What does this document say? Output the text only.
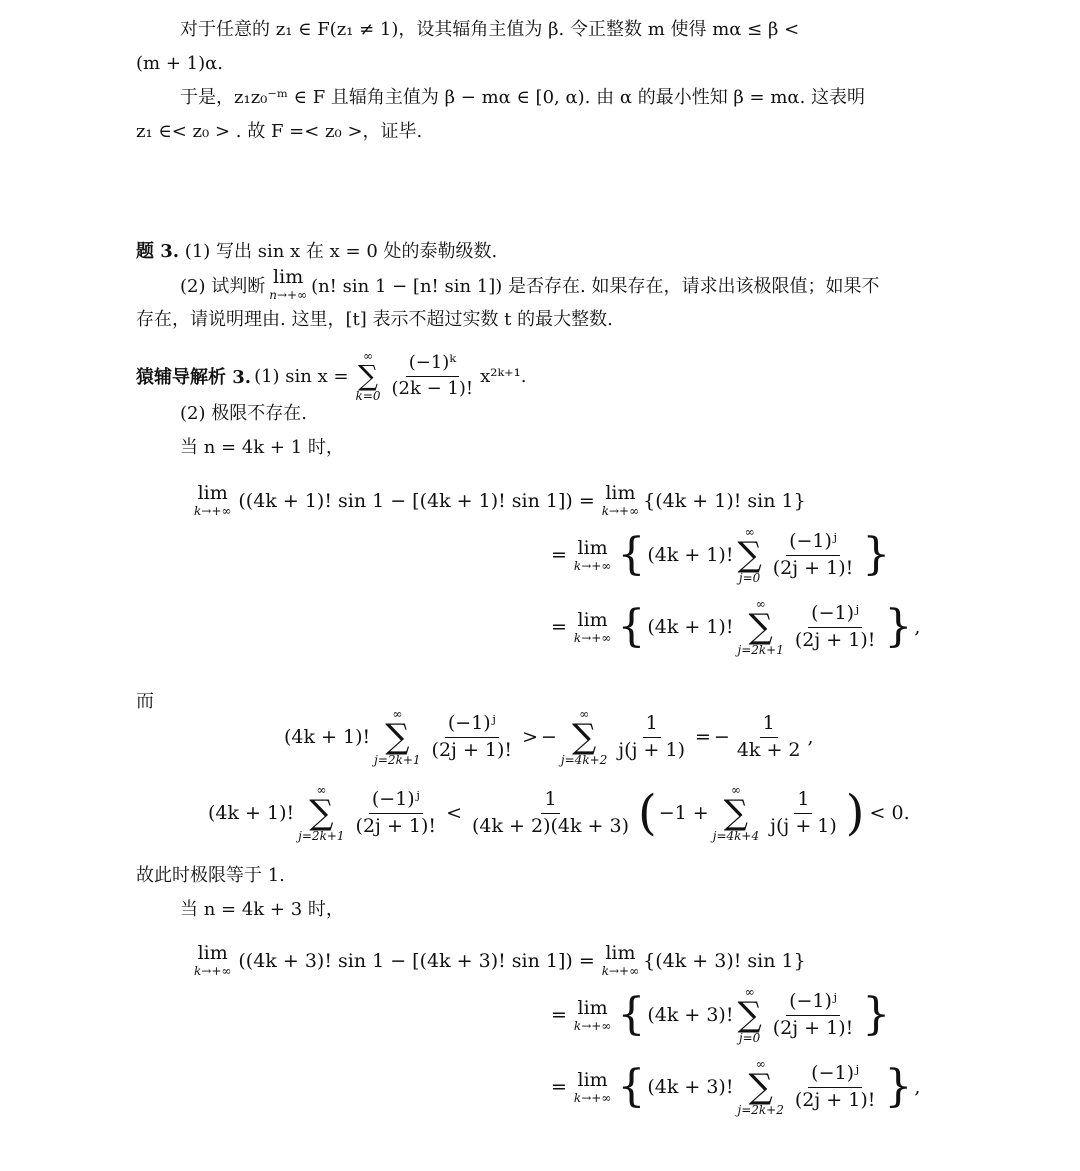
对于任意的 z₁ ∈ F(z₁ ≠ 1)，设其辐角主值为 β. 令正整数 m 使得 mα ≤ β <
(m + 1)α.
于是，z₁z₀⁻ᵐ ∈ F 且辐角主值为 β − mα ∈ [0, α). 由 α 的最小性知 β = mα. 这表明
z₁ ∈< z₀ > . 故 F =< z₀ >，证毕.
题 3. (1) 写出 sin x 在 x = 0 处的泰勒级数.
(2) 试判断 lim
n→+∞ (n! sin 1 − [n! sin 1]) 是否存在. 如果存在，请求出该极限值；如果不
存在，请说明理由. 这里，[t] 表示不超过实数 t 的最大整数.
猿辅导解析 3. (1) sin x =
∞
∑
$k=0 \frac{\text{(−1)ᵏ}}{(2k - 1)!}$ x²ᵏ⁺¹.
(2) 极限不存在.
当 n = 4k + 1 时，
lim
k→+∞ ((4k + 1)! sin 1 − [(4k + 1)! sin 1]) = lim
k→+∞ {(4k + 1)! sin 1}
= lim
k→+∞ { (4k + 1)!
∞
∑
$j=0 \frac{\text{(−1)ʲ}}{(2j + 1)!}$ }
= lim
k→+∞ { (4k + 1)!
∞
∑
$j=2k+1 \frac{\text{(−1)ʲ}}{(2j + 1)!}$ } ,
而
(4k + 1)!
∞
∑
$j=2k+1 \frac{\text{(−1)ʲ}}{(2j + 1)!}$ > −
∞
∑
$j=4k+2 \frac{1}{j(j + 1)}$ = − $\frac{1}{4k + 2}$ ,
(4k + 1)!
∞
∑
$j=2k+1 \frac{\text{(−1)ʲ}}{(2j + 1)!} < \frac{1}{(4k + 2)(4k + 3)}$ ( −1 +
∞
∑
$j=4k+4 \frac{1}{j(j + 1)}$ ) < 0.
故此时极限等于 1.
当 n = 4k + 3 时，
lim
k→+∞ ((4k + 3)! sin 1 − [(4k + 3)! sin 1]) = lim
k→+∞ {(4k + 3)! sin 1}
= lim
k→+∞ { (4k + 3)!
∞
∑
$j=0 \frac{\text{(−1)ʲ}}{(2j + 1)!}$ }
= lim
k→+∞ { (4k + 3)!
∞
∑
$j=2k+2 \frac{\text{(−1)ʲ}}{(2j + 1)!}$ } ,
